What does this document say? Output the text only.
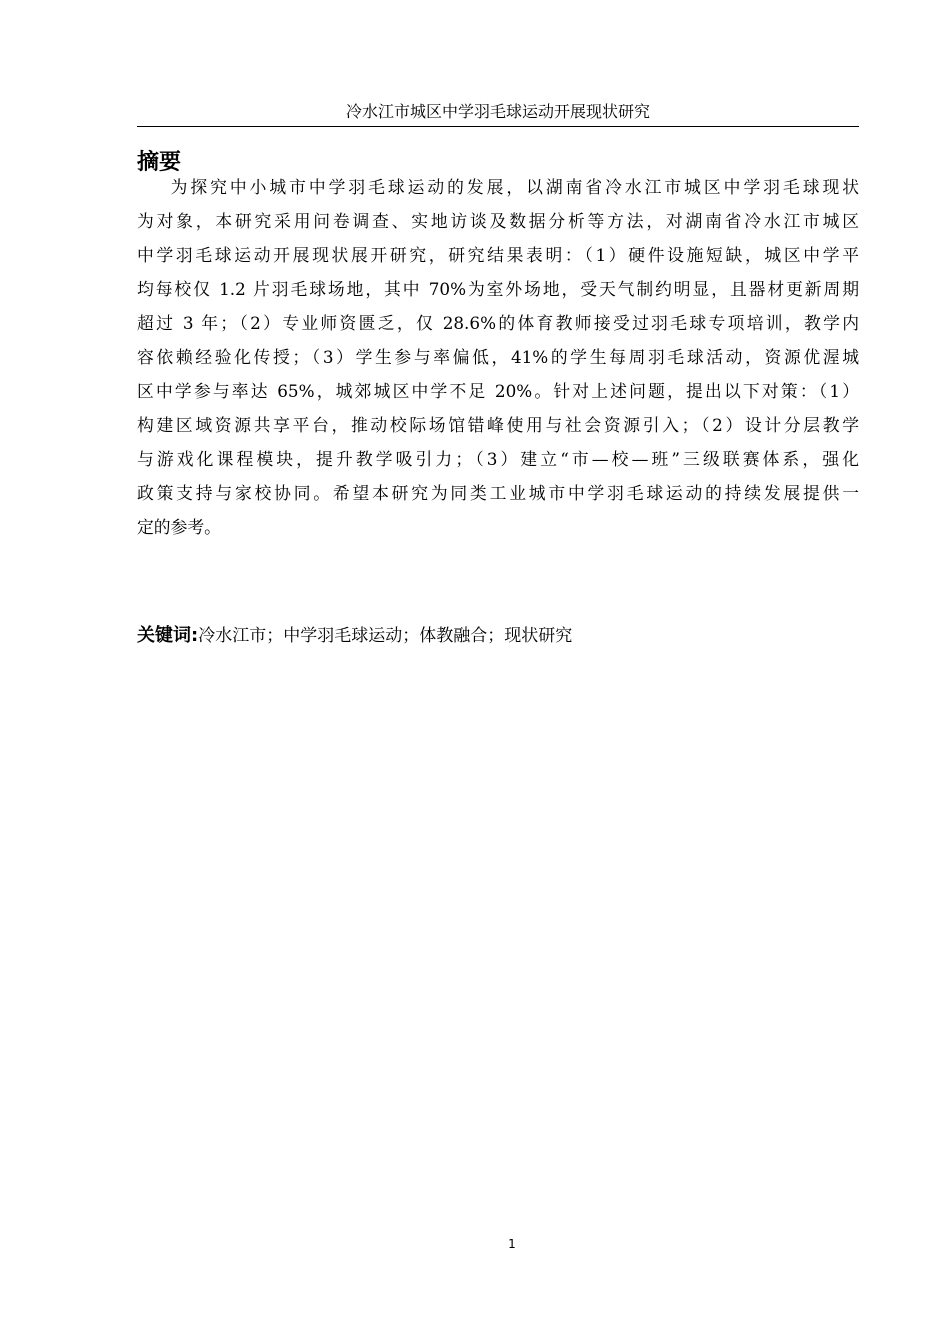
冷水江市城区中学羽毛球运动开展现状研究
摘要
为探究中小城市中学羽毛球运动的发展，以湖南省冷水江市城区中学羽毛球现状
为对象，本研究采用问卷调查、实地访谈及数据分析等方法，对湖南省冷水江市城区
中学羽毛球运动开展现状展开研究，研究结果表明：（1）硬件设施短缺，城区中学平
均每校仅 1.2 片羽毛球场地，其中 70%为室外场地，受天气制约明显，且器材更新周期
超过 3 年；（2）专业师资匮乏，仅 28.6%的体育教师接受过羽毛球专项培训，教学内
容依赖经验化传授；（3）学生参与率偏低，41%的学生每周羽毛球活动，资源优渥城
区中学参与率达 65%，城郊城区中学不足 20%。针对上述问题，提出以下对策：（1）
构建区域资源共享平台，推动校际场馆错峰使用与社会资源引入；（2）设计分层教学
与游戏化课程模块，提升教学吸引力；（3）建立“市—校—班”三级联赛体系，强化
政策支持与家校协同。希望本研究为同类工业城市中学羽毛球运动的持续发展提供一
定的参考。

关键词:冷水江市；中学羽毛球运动；体教融合；现状研究

1
